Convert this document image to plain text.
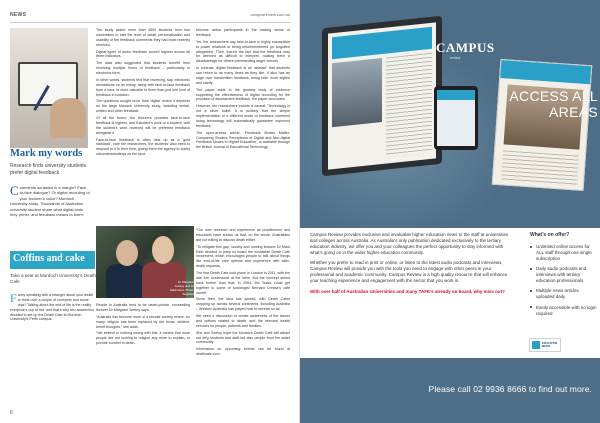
NEWS	campusreview.com.au
Mark my words
Research finds university students prefer digital feedback
Comments scrawled in a margin? Face-to-face dialogue? Or digital recording of your lecturer’s voice? Murdoch University study. Thousands of Australian university student share what digital tools they prefer, and feedback means to them.

The study asked more than 4500 students from two universities to rate the level of detail, personalisation and usability of the feedback comments they had most recently received.

Digital types of audio feedback scored highest across all three indicators.

The data also suggested that students benefit from receiving multiple forms of feedback – particularly in electronic form.

In other words, students find that receiving, say, electronic annotations on an essay, along with face-to-face feedback from a tutor, is more valuable to them than just one kind of feedback in isolation.

The questions sought more than 'digital' where it depends on the large Monash University study, including verbal, written and other feedback.

Of all the forms, the lecturers provides face-to-face feedback is highest, and if student’s work or a student, with the student’s work received will be preferred feedback alongside it.

Face-to-face feedback is often held up as a 'gold standard', note the researchers, the students’ also need to respond to it in their time, giving them the agency to clarify misunderstandings on the spot.

become active participants in the making sense of feedback.

Yet, the researchers say face-to-face is highly susceptible to power relations or being misremembered (or forgotten altogether). Then, there’s the fact that the feedback may be deemed as difficult to interpret, making them a disadvantage for others commanding larger cohorts.

In contrast, digital feedback is an 'artefact' that students can return to as many times as they like. It also has an edge over handwritten feedback, being both more legible and clarity.

The paper adds to the growing body of evidence supporting the effectiveness of digital recording for the provision of assessment feedback, the paper concludes.

However, the researchers include a caveat: 'Technology is not a silver bullet. It is unlikely that the simple implementation of a different mode of feedback comment using technology will automatically guarantee improved feedback.'

The open-access article, 'Feedback Modes Matter: Comparing Student Perceptions of Digital and Non-digital Feedback Modes in Higher Education’, is available through the British Journal of Educational Technology.

Coffins and cake
Take a seat at Murdoch University’s Death Cafe
Fancy speaking with a stranger about your death or think over a couple of crumpets and some chai? Talking about the end of life is the reality everyone’s cup of tea, and that’s why two academics decided to set up the Death Cafe at Murdoch University’s Perth campus.
Dr Margaret Gooley and Dr Mark Reid. Photo: Supplied

People in Australia tend to be death-phobic, counselling lecturer Dr Margaret Seeley says.

“Australia has become more of a secular society where, for many, religion has been replaced by the trivial, strident, bereft thoughts,” she adds.

“We believe in nothing wrong with this, it means that more people are not looking to religion any more to explain, or provide comfort in death.

“Our own research and experience as practitioners and educators have shown us that, on the whole, Australians are not willing to discuss death either.

“To mitigate this gap, society and nursing lecturer Dr Mark Reid decided to jump on board the worldwide Death Cafe movement, which encourages people to talk about things like end-of-life care options and experience with after-death requests.

The first Death Cafe took place in London in 2011, with the late Jon Underwood at the helm. But the concept stems back further than that: in 2004, the Swiss could get together to come of sociologist Bernard Crettaz’s café mortel.

Since then, the idea has spread, with Death Cafes cropping up across several continents, including Australia – Western Australia has played host to several so far.

We need a discussion to create awareness of the issues and options related to death, and the relevant health services for people, patients and families.

She and Seeley hope the Murdoch Death Café will attract not only students and staff but also people from the wider community.

Information on upcoming events can be found at deathcafe.com.

6
CAMPUS
review
ACCESS ALL AREAS

Campus Review provides exclusive and invaluable higher education news to the staff at universities and colleges across Australia. As Australia’s only publication dedicated exclusively to the tertiary education industry, we offer you and your colleagues the perfect opportunity to stay informed with what’s going on in the wider higher education community.

Whether you prefer to read in print or online, or listen to the latest audio podcasts and interviews, Campus Review will provide you with the tools you need to engage with other peers in your professional and academic community. Campus Review is a high quality resource that will enhance your teaching experience and engagement with the sector that you work in.

With over half of Australian Universities and many TAFE’s already on board, why miss out?

What’s on offer?
Unlimited online access for ALL staff through one single subscription
Daily audio podcasts and interviews with tertiary education professionals
Multiple news articles uploaded daily
Easily accessible with no login required
EDUCATION MEDIA
Please call 02 9936 8666 to find out more.
